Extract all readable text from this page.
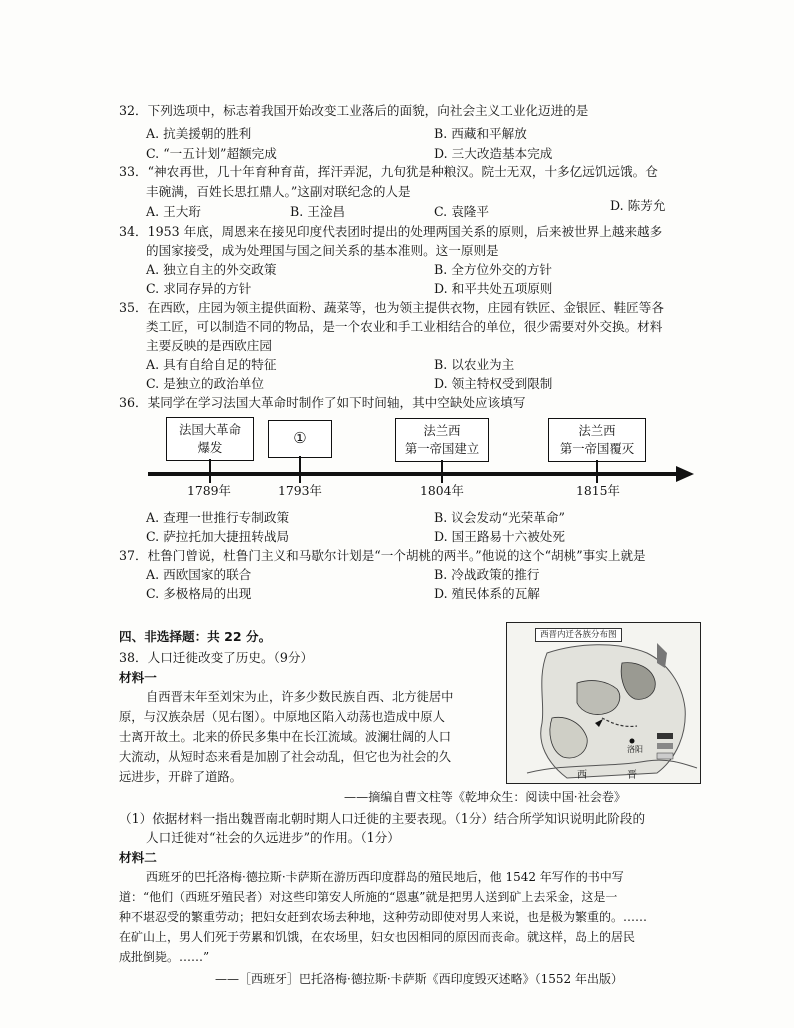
32．下列选项中，标志着我国开始改变工业落后的面貌，向社会主义工业化迈进的是
A. 抗美援朝的胜利	B. 西藏和平解放
C. “一五计划”超额完成	D. 三大改造基本完成
33．“神农再世，几十年育种育苗，挥汗弄泥，九旬犹是种粮汉。院士无双，十多亿远饥远饿。仓
丰碗满，百姓长思扛鼎人。”这副对联纪念的人是
A. 王大珩	B. 王淦昌	C. 袁隆平	D. 陈芳允
34．1953 年底，周恩来在接见印度代表团时提出的处理两国关系的原则，后来被世界上越来越多
的国家接受，成为处理国与国之间关系的基本准则。这一原则是
A. 独立自主的外交政策	B. 全方位外交的方针
C. 求同存异的方针	D. 和平共处五项原则
35．在西欧，庄园为领主提供面粉、蔬菜等，也为领主提供衣物，庄园有铁匠、金银匠、鞋匠等各
类工匠，可以制造不同的物品，是一个农业和手工业相结合的单位，很少需要对外交换。材料
主要反映的是西欧庄园
A. 具有自给自足的特征	B. 以农业为主
C. 是独立的政治单位	D. 领主特权受到限制
36．某同学在学习法国大革命时制作了如下时间轴，其中空缺处应该填写
法国大革命
爆发
①	法兰西
第一帝国建立
法兰西
第一帝国覆灭
1789年	1793年	1804年	1815年
A. 查理一世推行专制政策	B. 议会发动“光荣革命”
C. 萨拉托加大捷扭转战局	D. 国王路易十六被处死
37．杜鲁门曾说，杜鲁门主义和马歇尔计划是“一个胡桃的两半。”他说的这个“胡桃”事实上就是
A. 西欧国家的联合	B. 冷战政策的推行
C. 多极格局的出现	D. 殖民体系的瓦解
四、非选择题：共 22 分。
38．人口迁徙改变了历史。（9分）
材料一
自西晋末年至刘宋为止，许多少数民族自西、北方徙居中
原，与汉族杂居（见右图）。中原地区陷入动荡也造成中原人
士离开故土。北来的侨民多集中在长江流域。波澜壮阔的人口
大流动，从短时态来看是加剧了社会动乱，但它也为社会的久
远进步，开辟了道路。
——摘编自曹文柱等《乾坤众生：阅读中国·社会卷》
西晋内迁各族分布图
洛阳
西	晋
（1）依据材料一指出魏晋南北朝时期人口迁徙的主要表现。（1分）结合所学知识说明此阶段的
人口迁徙对“社会的久远进步”的作用。（1分）
材料二
西班牙的巴托洛梅·德拉斯·卡萨斯在游历西印度群岛的殖民地后，他 1542 年写作的书中写
道：“他们（西班牙殖民者）对这些印第安人所施的“恩惠”就是把男人送到矿上去采金，这是一
种不堪忍受的繁重劳动；把妇女赶到农场去种地，这种劳动即使对男人来说，也是极为繁重的。……
在矿山上，男人们死于劳累和饥饿，在农场里，妇女也因相同的原因而丧命。就这样，岛上的居民
成批倒毙。……”
——［西班牙］巴托洛梅·德拉斯·卡萨斯《西印度毁灭述略》（1552 年出版）
